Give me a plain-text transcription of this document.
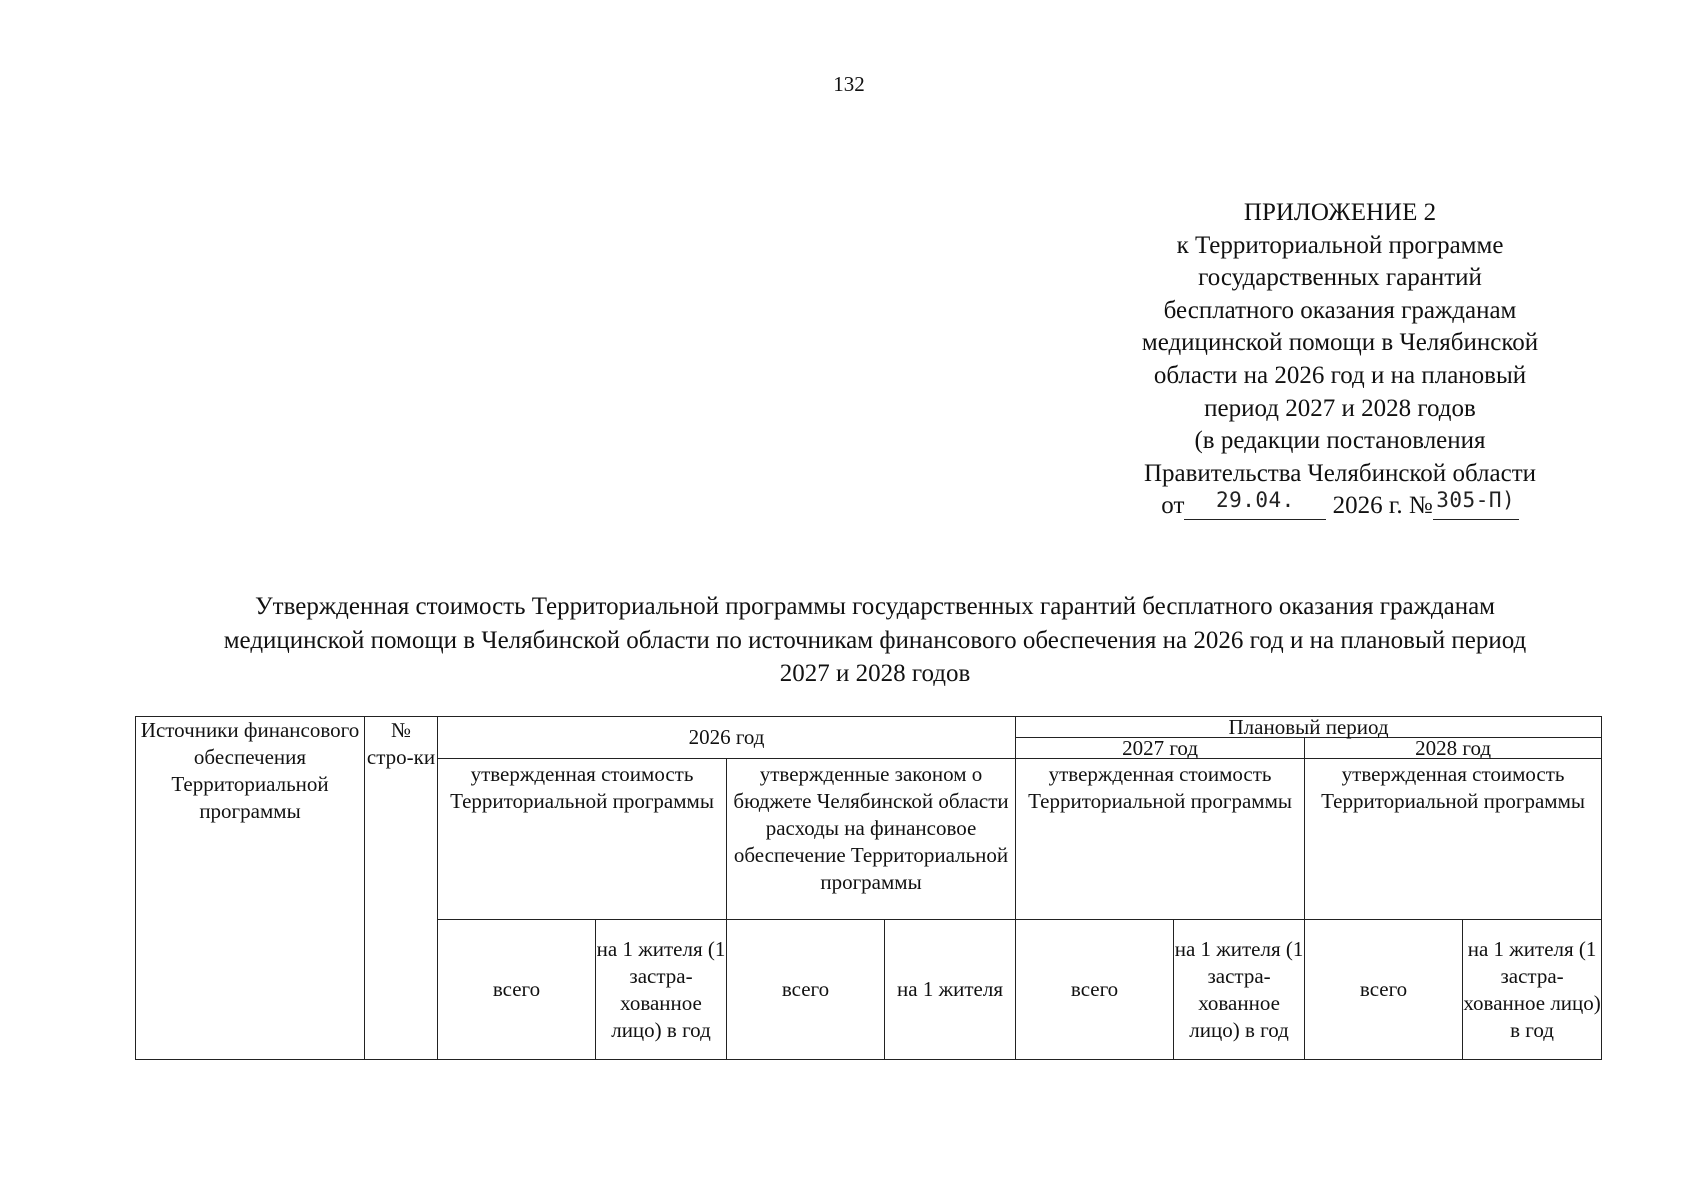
132
ПРИЛОЖЕНИЕ 2
к Территориальной программе
государственных гарантий
бесплатного оказания гражданам
медицинской помощи в Челябинской
области на 2026 год и на плановый
период 2027 и 2028 годов
(в редакции постановления
Правительства Челябинской области
от $^{29.04.}$ 2026 г. № $^{305-П)}$
Утвержденная стоимость Территориальной программы государственных гарантий бесплатного оказания гражданам
медицинской помощи в Челябинской области по источникам финансового обеспечения на 2026 год и на плановый период
2027 и 2028 годов
Источники финансового обеспечения Территориальной программы	№ стро-ки	2026 год				Плановый период			
						2027 год		2028 год	
		утвержденная стоимость Территориальной программы		утвержденные законом о бюджете Челябинской области расходы на финансовое обеспечение Территориальной программы		утвержденная стоимость Территориальной программы		утвержденная стоимость Территориальной программы	
		всего	на 1 жителя (1 застра-хованное лицо) в год	всего	на 1 жителя	всего	на 1 жителя (1 застра-хованное лицо) в год	всего	на 1 жителя (1 застра-хованное лицо) в год
